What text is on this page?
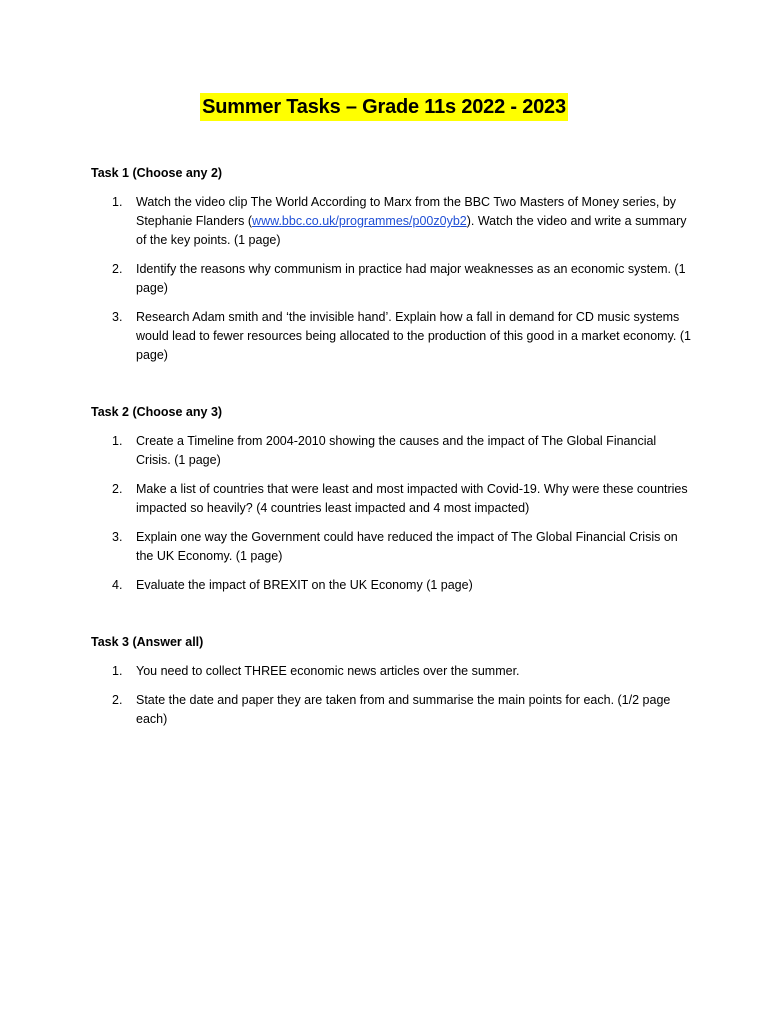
Summer Tasks – Grade 11s 2022 - 2023
Task 1 (Choose any 2)
1. Watch the video clip The World According to Marx from the BBC Two Masters of Money series, by Stephanie Flanders (www.bbc.co.uk/programmes/p00z0yb2). Watch the video and write a summary of the key points. (1 page)
2. Identify the reasons why communism in practice had major weaknesses as an economic system. (1 page)
3. Research Adam smith and ‘the invisible hand’. Explain how a fall in demand for CD music systems would lead to fewer resources being allocated to the production of this good in a market economy. (1 page)
Task 2 (Choose any 3)
1. Create a Timeline from 2004-2010 showing the causes and the impact of The Global Financial Crisis. (1 page)
2. Make a list of countries that were least and most impacted with Covid-19. Why were these countries impacted so heavily? (4 countries least impacted and 4 most impacted)
3. Explain one way the Government could have reduced the impact of The Global Financial Crisis on the UK Economy. (1 page)
4. Evaluate the impact of BREXIT on the UK Economy (1 page)
Task 3 (Answer all)
1. You need to collect THREE economic news articles over the summer.
2. State the date and paper they are taken from and summarise the main points for each. (1/2 page each)
